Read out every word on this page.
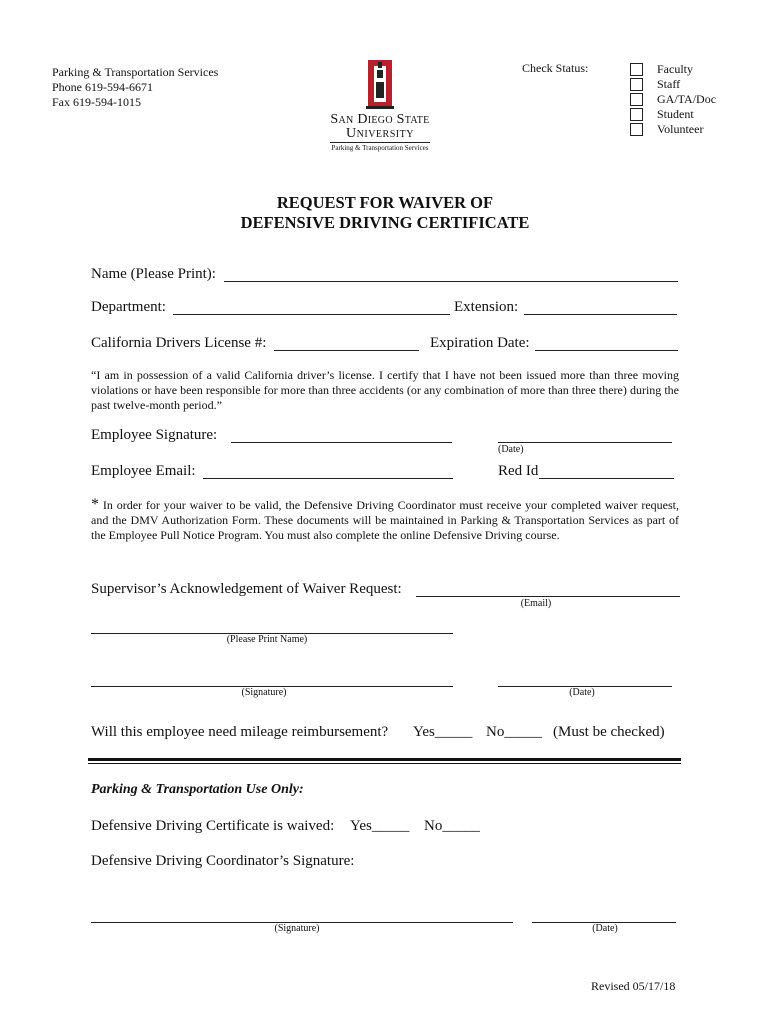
Parking & Transportation Services
Phone 619-594-6671
Fax 619-594-1015
San Diego State
University
Parking & Transportation Services
Check Status:	Faculty
Staff
GA/TA/Doc
Student
Volunteer
REQUEST FOR WAIVER OF
DEFENSIVE DRIVING CERTIFICATE
Name (Please Print):
Department:	Extension:
California Drivers License #:	Expiration Date:
“I am in possession of a valid California driver’s license. I certify that I have not been issued more than three moving violations or have been responsible for more than three accidents (or any combination of more than three there) during the past twelve-month period.”
Employee Signature:
(Date)
Employee Email:	Red Id
* In order for your waiver to be valid, the Defensive Driving Coordinator must receive your completed waiver request, and the DMV Authorization Form. These documents will be maintained in Parking & Transportation Services as part of the Employee Pull Notice Program. You must also complete the online Defensive Driving course.
Supervisor’s Acknowledgement of Waiver Request:
(Email)
(Please Print Name)
(Signature)	(Date)
Will this employee need mileage reimbursement? Yes_____ No_____ (Must be checked)
Parking & Transportation Use Only:
Defensive Driving Certificate is waived: Yes_____ No_____
Defensive Driving Coordinator’s Signature:
(Signature)	(Date)
Revised 05/17/18
